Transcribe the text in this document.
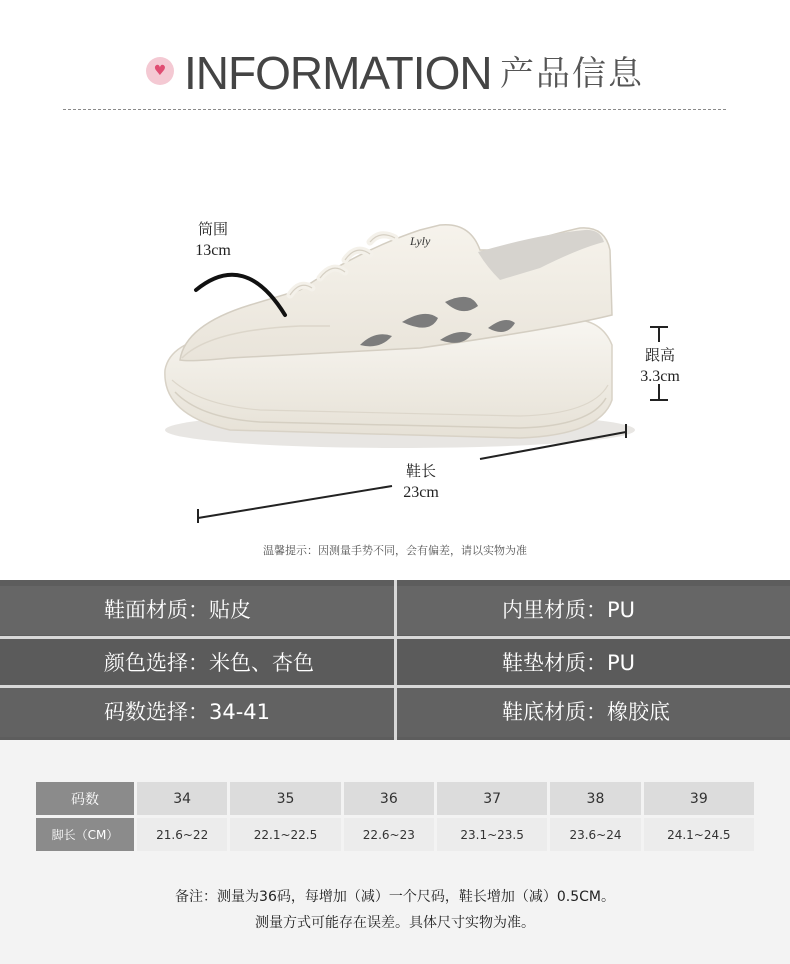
♥ INFORMATION 产品信息
Lyly
筒围
13cm
跟高
3.3cm
鞋长
23cm
温馨提示：因测量手势不同，会有偏差，请以实物为准
鞋面材质：贴皮	内里材质：PU
颜色选择：米色、杏色	鞋垫材质：PU
码数选择：34-41	鞋底材质：橡胶底
码数	34	35	36	37	38	39
脚长（CM）	21.6~22	22.1~22.5	22.6~23	23.1~23.5	23.6~24	24.1~24.5
备注：测量为36码，每增加（减）一个尺码，鞋长增加（减）0.5CM。
测量方式可能存在误差。具体尺寸实物为准。
